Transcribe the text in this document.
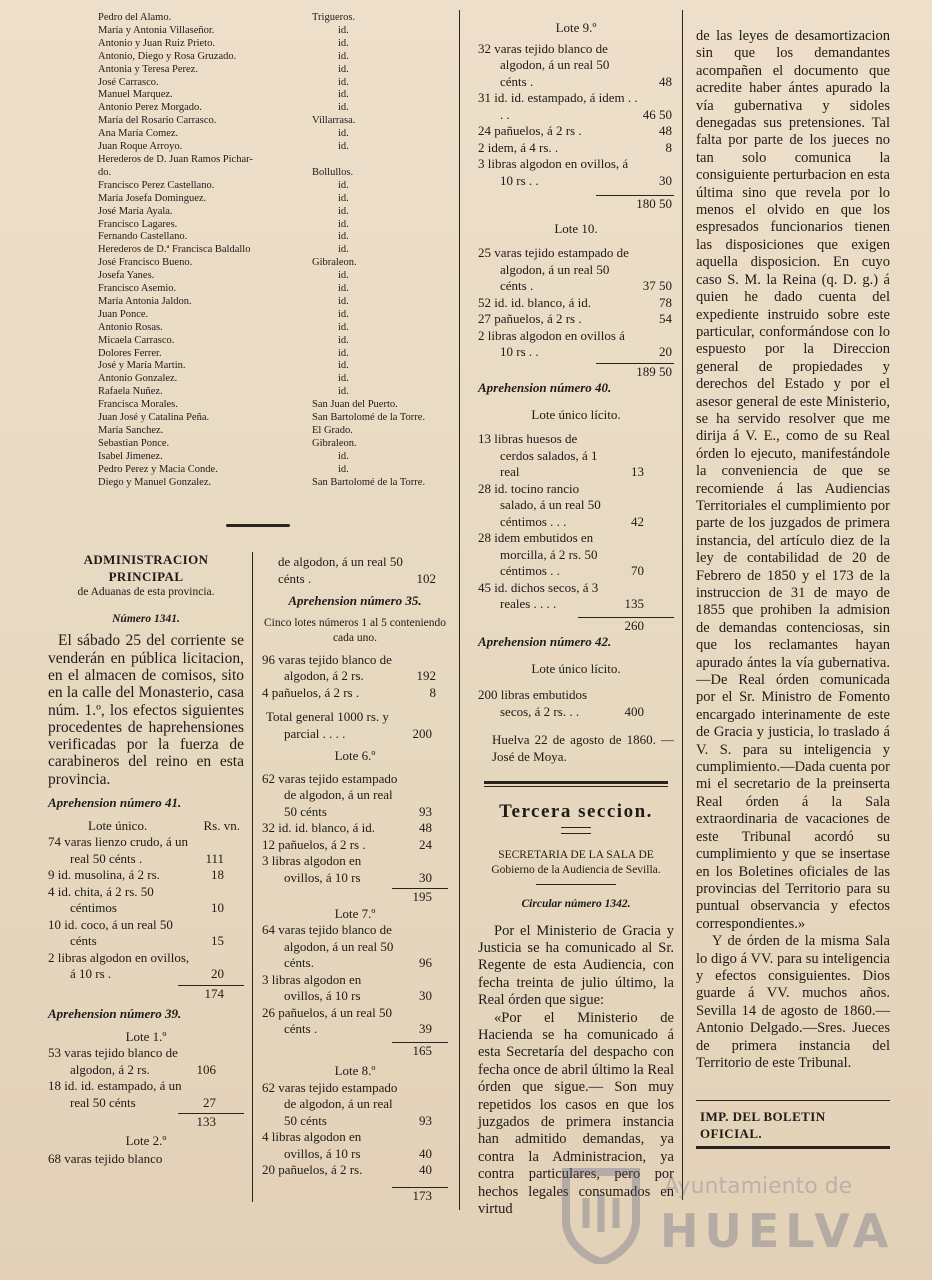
Pedro del Alamo.	Trigueros.
María y Antonia Villaseñor.	id.
Antonio y Juan Ruiz Prieto.	id.
Antonio, Diego y Rosa Gruzado.	id.
Antonia y Teresa Perez.	id.
José Carrasco.	id.
Manuel Marquez.	id.
Antonio Perez Morgado.	id.
María del Rosario Carrasco.	Villarrasa.
Ana María Comez.	id.
Juan Roque Arroyo.	id.
Herederos de D. Juan Ramos Pichar-
do.	Bollullos.
Francisco Perez Castellano.	id.
María Josefa Dominguez.	id.
José María Ayala.	id.
Francisco Lagares.	id.
Fernando Castellano.	id.
Herederos de D.ª Francisca Baldallo	id.
José Francisco Bueno.	Gibraleon.
Josefa Yanes.	id.
Francisco Asemio.	id.
María Antonia Jaldon.	id.
Juan Ponce.	id.
Antonio Rosas.	id.
Micaela Carrasco.	id.
Dolores Ferrer.	id.
José y María Martin.	id.
Antonio Gonzalez.	id.
Rafaela Nuñez.	id.
Francisca Morales.	San Juan del Puerto.
Juan José y Catalina Peña.	San Bartolomé de la Torre.
María Sanchez.	El Grado.
Sebastian Ponce.	Gibraleon.
Isabel Jimenez.	id.
Pedro Perez y Macia Conde.	id.
Diego y Manuel Gonzalez.	San Bartolomé de la Torre.
ADMINISTRACION PRINCIPAL
de Aduanas de esta provincia.
Número 1341.
El sábado 25 del corriente se venderán en pública licitacion, en el almacen de comisos, sito en la calle del Monasterio, casa núm. 1.º, los efectos siguientes procedentes de haprehensiones verificadas por la fuerza de carabineros del reino en esta provincia.
Aprehension número 41.
Lote único.	Rs. vn.
74 varas lienzo crudo, á un real 50 cénts .	111
9 id. musolina, á 2 rs.	18
4 id. chita, á 2 rs. 50 céntimos	10
10 id. coco, á un real 50 cénts	15
2 libras algodon en ovillos, á 10 rs .	20
174
Aprehension número 39.
Lote 1.º
53 varas tejido blanco de algodon, á 2 rs.	106
18 id. id. estampado, á un real 50 cénts	27
133
Lote 2.º
68 varas tejido blanco
de algodon, á un real 50 cénts .	102
Aprehension número 35.
Cinco lotes números 1 al 5 conteniendo cada uno.
96 varas tejido blanco de algodon, á 2 rs.	192
4 pañuelos, á 2 rs .	8
Total general 1000 rs. y parcial . . . .	200
Lote 6.º
62 varas tejido estampado de algodon, á un real 50 cénts	93
32 id. id. blanco, á id.	48
12 pañuelos, á 2 rs .	24
3 libras algodon en ovillos, á 10 rs	30
195
Lote 7.º
64 varas tejido blanco de algodon, á un real 50 cénts.	96
3 libras algodon en ovillos, á 10 rs	30
26 pañuelos, á un real 50 cénts .	39
165
Lote 8.º
62 varas tejido estampado de algodon, á un real 50 cénts	93
4 libras algodon en ovillos, á 10 rs	40
20 pañuelos, á 2 rs.	40
173
Lote 9.º
32 varas tejido blanco de algodon, á un real 50 cénts .	48
31 id. id. estampado, á idem . . . .	46 50
24 pañuelos, á 2 rs .	48
2 idem, á 4 rs. .	8
3 libras algodon en ovillos, á 10 rs . .	30
180 50
Lote 10.
25 varas tejido estampado de algodon, á un real 50 cénts .	37 50
52 id. id. blanco, á id.	78
27 pañuelos, á 2 rs .	54
2 libras algodon en ovillos á 10 rs . .	20
189 50
Aprehension número 40.
Lote único lícito.
13 libras huesos de cerdos salados, á 1 real	13
28 id. tocino rancio salado, á un real 50 céntimos . . .	42
28 idem embutidos en morcilla, á 2 rs. 50 céntimos . .	70
45 id. dichos secos, á 3 reales . . . .	135
260
Aprehension número 42.
Lote único lícito.
200 libras embutidos secos, á 2 rs. . .	400
Huelva 22 de agosto de 1860. —José de Moya.
Tercera seccion.
SECRETARIA DE LA SALA DE Gobierno de la Audiencia de Sevilla.
Circular número 1342.
Por el Ministerio de Gracia y Justicia se ha comunicado al Sr. Regente de esta Audiencia, con fecha treinta de julio último, la Real órden que sigue:
«Por el Ministerio de Hacienda se ha comunicado á esta Secretaría del despacho con fecha once de abril último la Real órden que sigue.— Son muy repetidos los casos en que los juzgados de primera instancia han admitido demandas, ya contra la Administracion, ya contra particulares, pero por hechos legales consumados en virtud
de las leyes de desamortizacion sin que los demandantes acompañen el documento que acredite haber ántes apurado la vía gubernativa y sidoles denegadas sus pretensiones. Tal falta por parte de los jueces no tan solo comunica la consiguiente perturbacion en esta última sino que revela por lo menos el olvido en que los espresados funcionarios tienen las disposiciones que exigen aquella disposicion. En cuyo caso S. M. la Reina (q. D. g.) á quien he dado cuenta del expediente instruido sobre este particular, conformándose con lo espuesto por la Direccion general de propiedades y derechos del Estado y por el asesor general de este Ministerio, se ha servido resolver que me dirija á V. E., como de su Real órden lo ejecuto, manifestándole la conveniencia de que se recomiende á las Audiencias Territoriales el cumplimiento por parte de los juzgados de primera instancia, del artículo diez de la ley de contabilidad de 20 de Febrero de 1850 y el 173 de la instruccion de 31 de mayo de 1855 que prohiben la admision de demandas contenciosas, sin que los reclamantes hayan apurado ántes la vía gubernativa.—De Real órden comunicada por el Sr. Ministro de Fomento encargado interinamente de este de Gracia y justicia, lo traslado á V. S. para su inteligencia y cumplimiento.—Dada cuenta por mi el secretario de la preinserta Real órden á la Sala extraordinaria de vacaciones de este Tribunal acordó su cumplimiento y que se insertase en los Boletines oficiales de las provincias del Territorio para su puntual observancia y efectos correspondientes.»
Y de órden de la misma Sala lo digo á VV. para su inteligencia y efectos consiguientes. Dios guarde á VV. muchos años. Sevilla 14 de agosto de 1860.—Antonio Delgado.—Sres. Jueces de primera instancia del Territorio de este Tribunal.
IMP. DEL BOLETIN OFICIAL.
Ayuntamiento de
HUELVA
